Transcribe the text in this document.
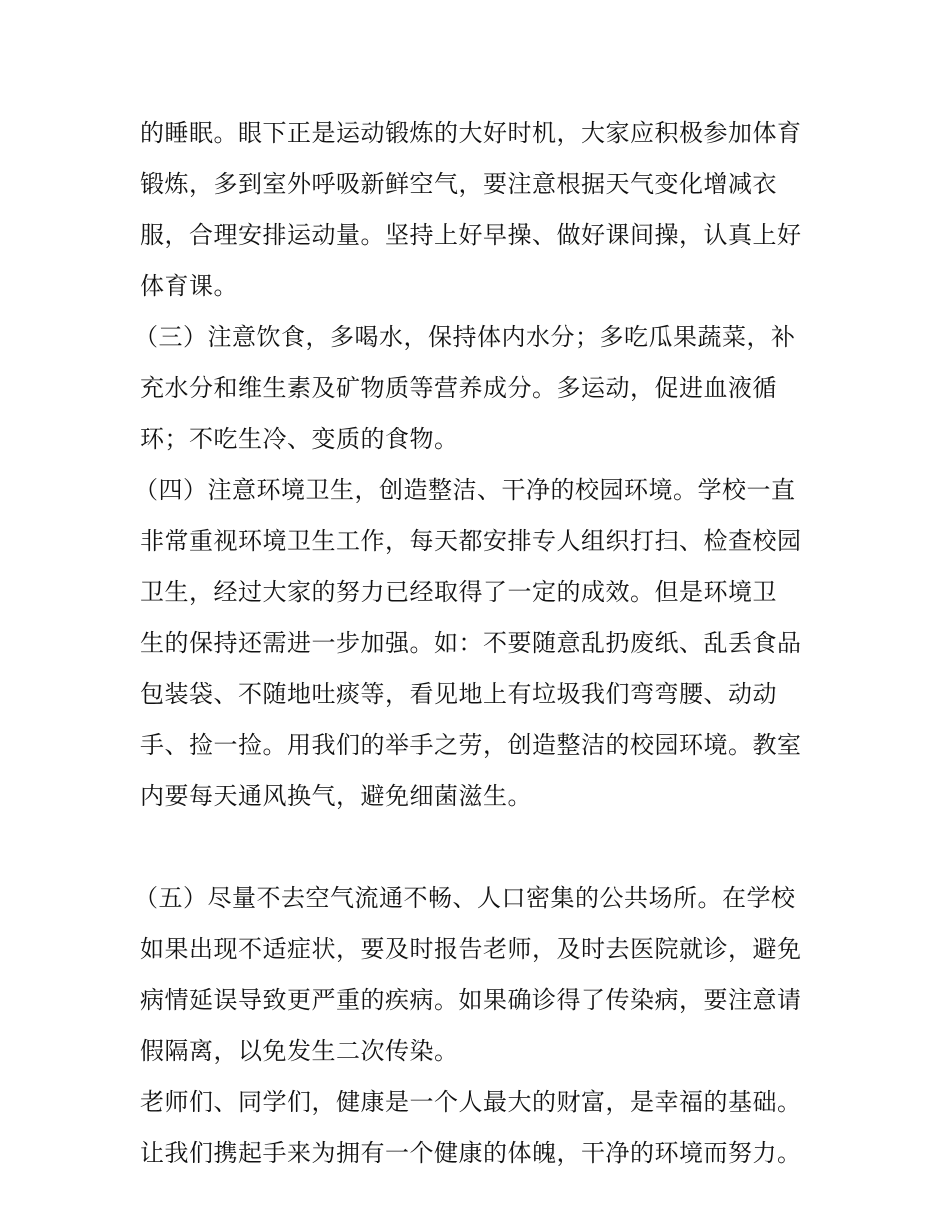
的睡眠。眼下正是运动锻炼的大好时机，大家应积极参加体育
锻炼，多到室外呼吸新鲜空气，要注意根据天气变化增减衣
服，合理安排运动量。坚持上好早操、做好课间操，认真上好
体育课。
（三）注意饮食，多喝水，保持体内水分；多吃瓜果蔬菜，补
充水分和维生素及矿物质等营养成分。多运动，促进血液循
环；不吃生冷、变质的食物。
（四）注意环境卫生，创造整洁、干净的校园环境。学校一直
非常重视环境卫生工作，每天都安排专人组织打扫、检查校园
卫生，经过大家的努力已经取得了一定的成效。但是环境卫
生的保持还需进一步加强。如：不要随意乱扔废纸、乱丢食品
包装袋、不随地吐痰等，看见地上有垃圾我们弯弯腰、动动
手、捡一捡。用我们的举手之劳，创造整洁的校园环境。教室
内要每天通风换气，避免细菌滋生。
（五）尽量不去空气流通不畅、人口密集的公共场所。在学校
如果出现不适症状，要及时报告老师，及时去医院就诊，避免
病情延误导致更严重的疾病。如果确诊得了传染病，要注意请
假隔离，以免发生二次传染。
老师们、同学们，健康是一个人最大的财富，是幸福的基础。
让我们携起手来为拥有一个健康的体魄，干净的环境而努力。
